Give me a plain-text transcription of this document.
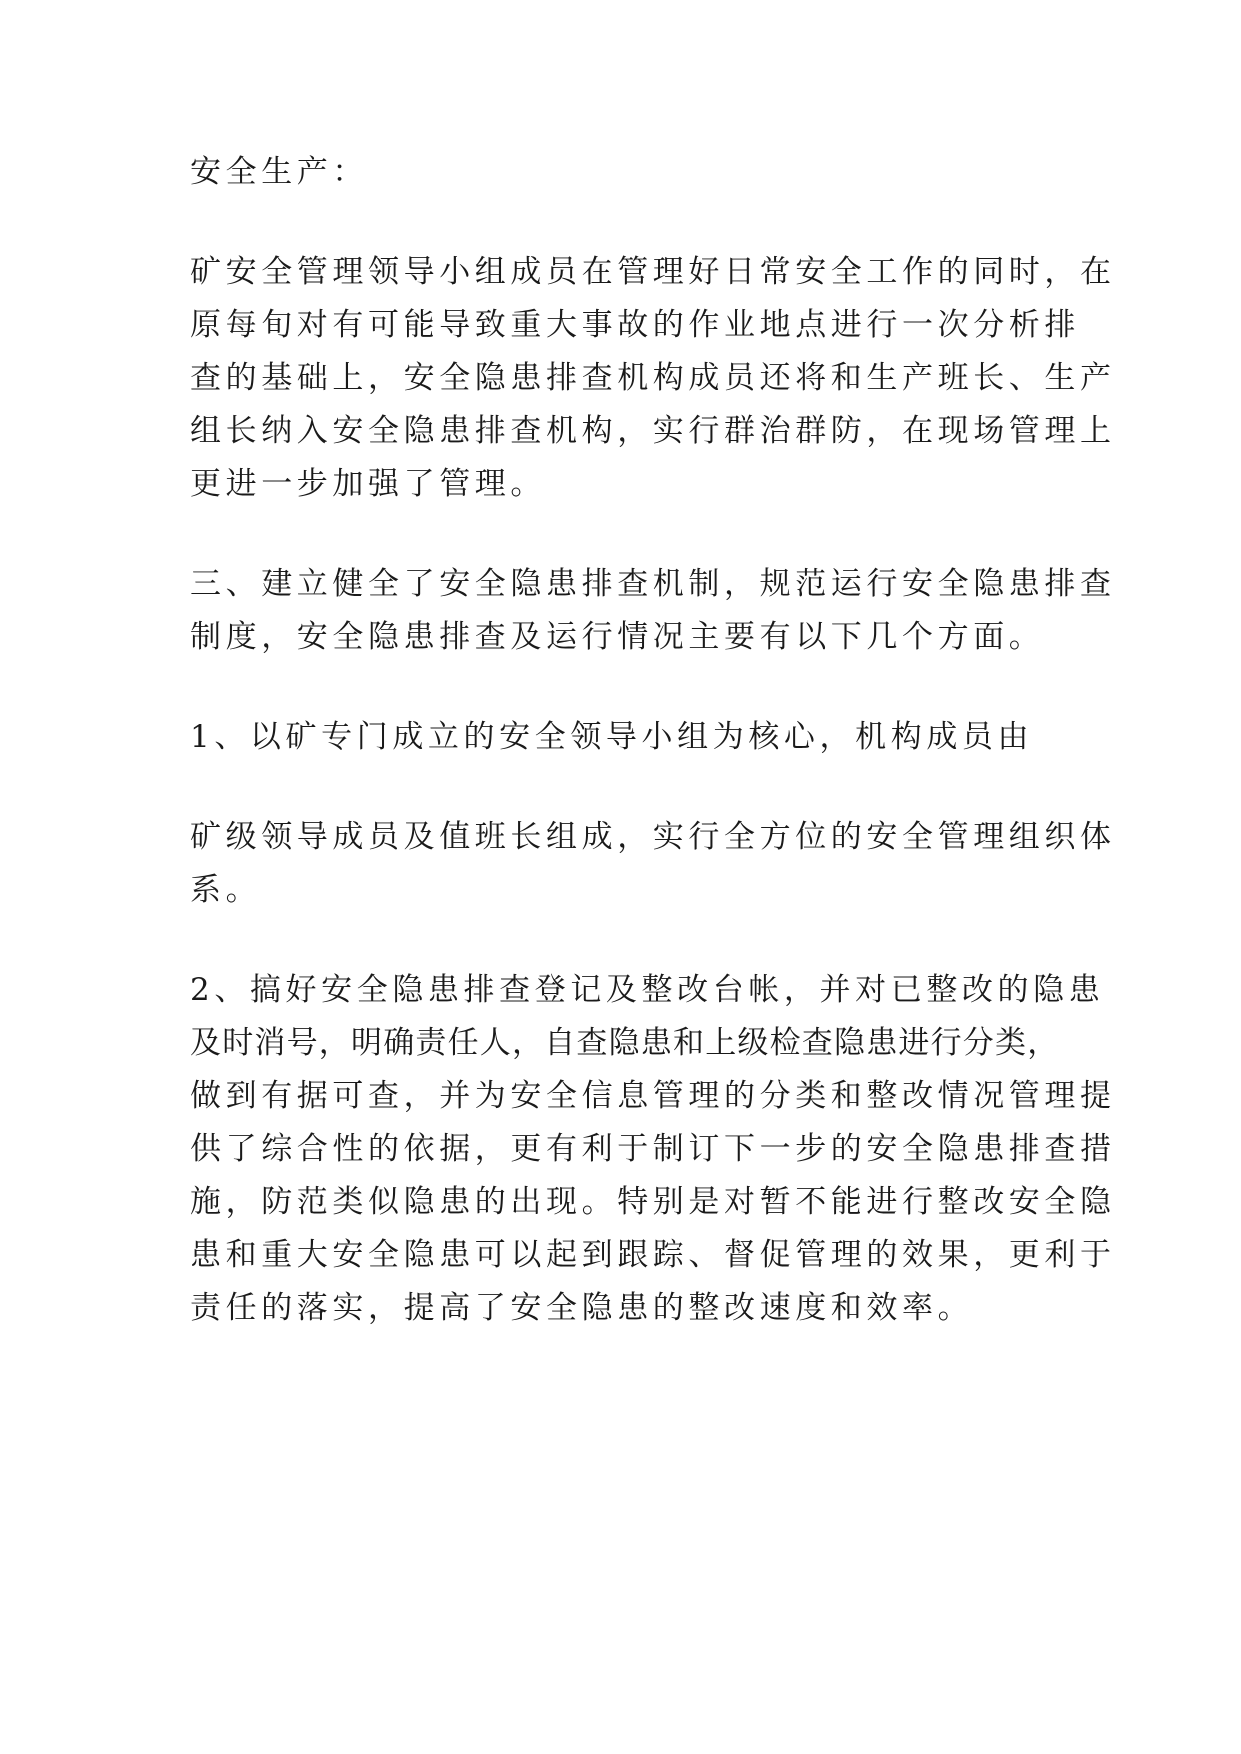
安全生产：
矿安全管理领导小组成员在管理好日常安全工作的同时，在
原每旬对有可能导致重大事故的作业地点进行一次分析排
查的基础上，安全隐患排查机构成员还将和生产班长、生产
组长纳入安全隐患排查机构，实行群治群防，在现场管理上
更进一步加强了管理。
三、建立健全了安全隐患排查机制，规范运行安全隐患排查
制度，安全隐患排查及运行情况主要有以下几个方面。
1、以矿专门成立的安全领导小组为核心，机构成员由
矿级领导成员及值班长组成，实行全方位的安全管理组织体
系。
2、搞好安全隐患排查登记及整改台帐，并对已整改的隐患
及时消号，明确责任人，自查隐患和上级检查隐患进行分类，
做到有据可查，并为安全信息管理的分类和整改情况管理提
供了综合性的依据，更有利于制订下一步的安全隐患排查措
施，防范类似隐患的出现。特别是对暂不能进行整改安全隐
患和重大安全隐患可以起到跟踪、督促管理的效果，更利于
责任的落实，提高了安全隐患的整改速度和效率。
